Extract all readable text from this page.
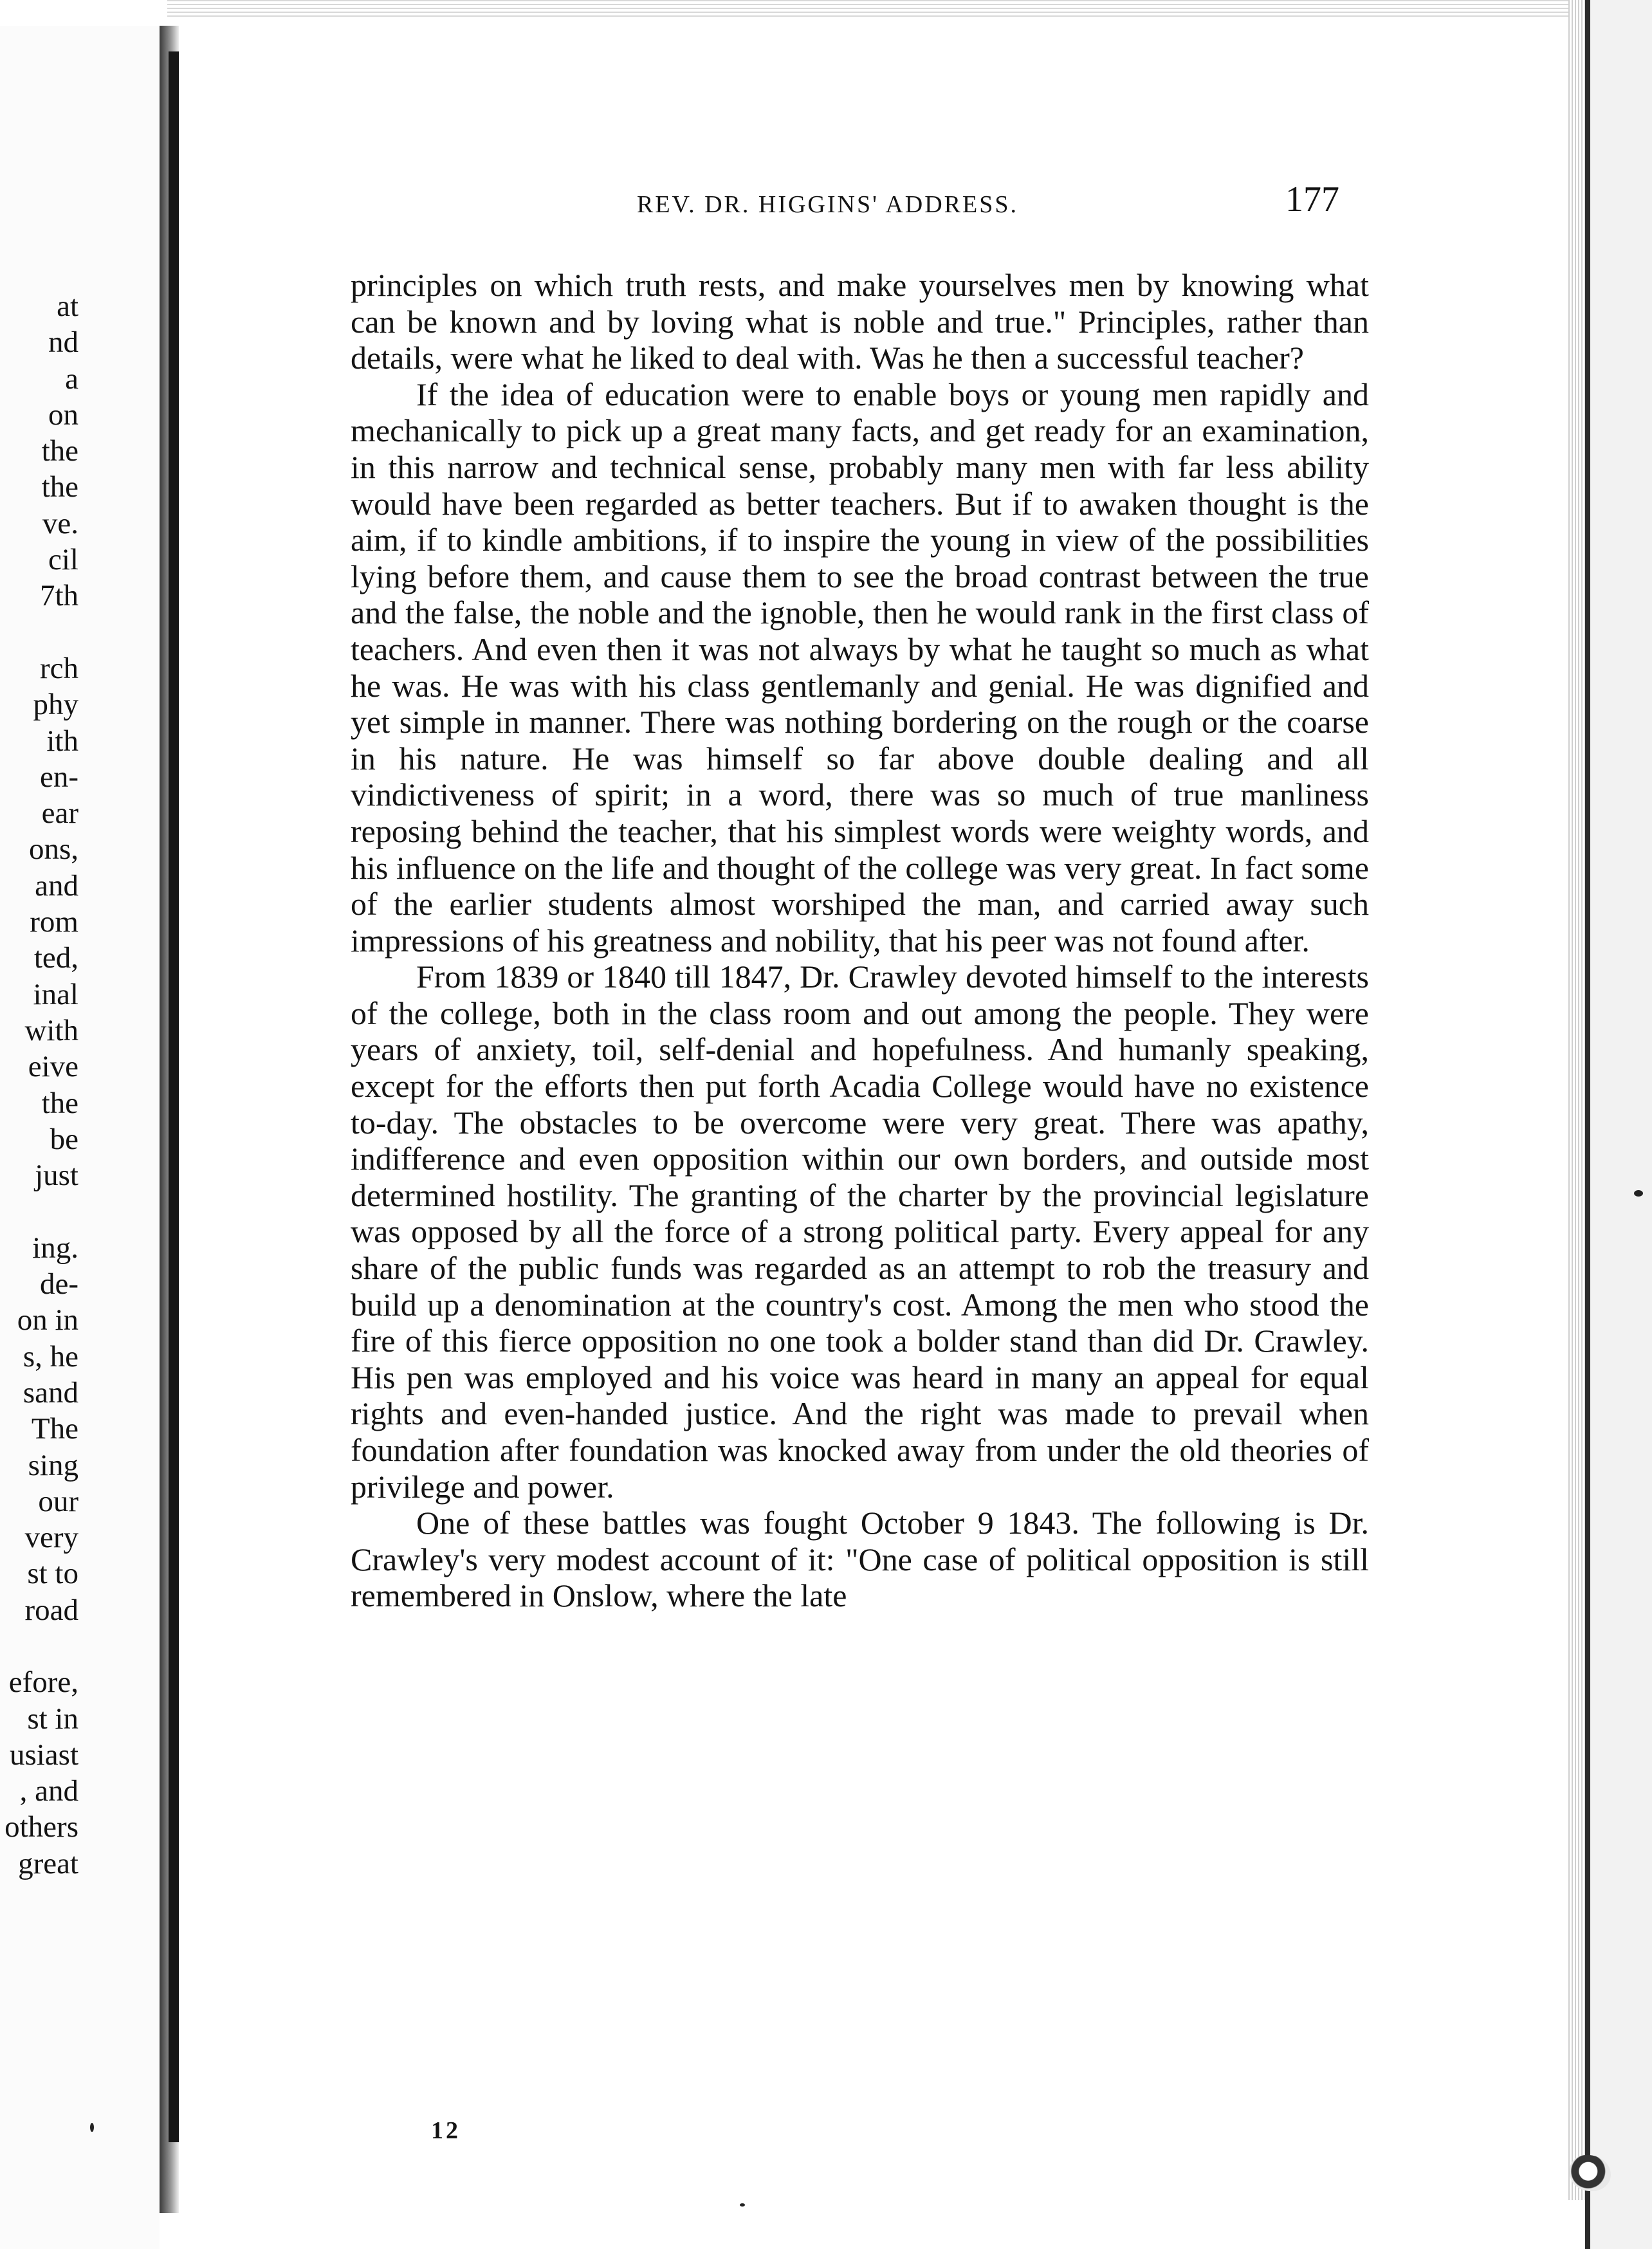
at
nd
a
on
the
the
ve.
cil
7th
rch
phy
ith
en-
ear
ons,
and
rom
ted,
inal
with
eive
the
be
just
ing.
de-
on in
s, he
sand
The
sing
our
very
st to
road
efore,
st in
usiast
, and
others
great
REV. DR. HIGGINS' ADDRESS.	177

principles on which truth rests, and make yourselves men by knowing what can be known and by loving what is noble and true." Principles, rather than details, were what he liked to deal with. Was he then a successful teacher?

If the idea of education were to enable boys or young men rapidly and mechanically to pick up a great many facts, and get ready for an examination, in this narrow and technical sense, probably many men with far less ability would have been regarded as better teachers. But if to awaken thought is the aim, if to kindle ambitions, if to inspire the young in view of the possibilities lying before them, and cause them to see the broad contrast between the true and the false, the noble and the ignoble, then he would rank in the first class of teachers. And even then it was not always by what he taught so much as what he was. He was with his class gentlemanly and genial. He was dignified and yet simple in manner. There was nothing bordering on the rough or the coarse in his nature. He was himself so far above double dealing and all vindictiveness of spirit; in a word, there was so much of true manliness reposing behind the teacher, that his simplest words were weighty words, and his influence on the life and thought of the college was very great. In fact some of the earlier students almost worshiped the man, and carried away such impressions of his greatness and nobility, that his peer was not found after.

From 1839 or 1840 till 1847, Dr. Crawley devoted himself to the interests of the college, both in the class room and out among the people. They were years of anxiety, toil, self-denial and hopefulness. And humanly speaking, except for the efforts then put forth Acadia College would have no existence to-day. The obstacles to be overcome were very great. There was apathy, indifference and even opposition within our own borders, and outside most determined hostility. The granting of the charter by the provincial legislature was opposed by all the force of a strong political party. Every appeal for any share of the public funds was regarded as an attempt to rob the treasury and build up a denomination at the country's cost. Among the men who stood the fire of this fierce opposition no one took a bolder stand than did Dr. Crawley. His pen was employed and his voice was heard in many an appeal for equal rights and even-handed justice. And the right was made to prevail when foundation after foundation was knocked away from under the old theories of privilege and power.

One of these battles was fought October 9 1843. The following is Dr. Crawley's very modest account of it: "One case of political opposition is still remembered in Onslow, where the late

12
